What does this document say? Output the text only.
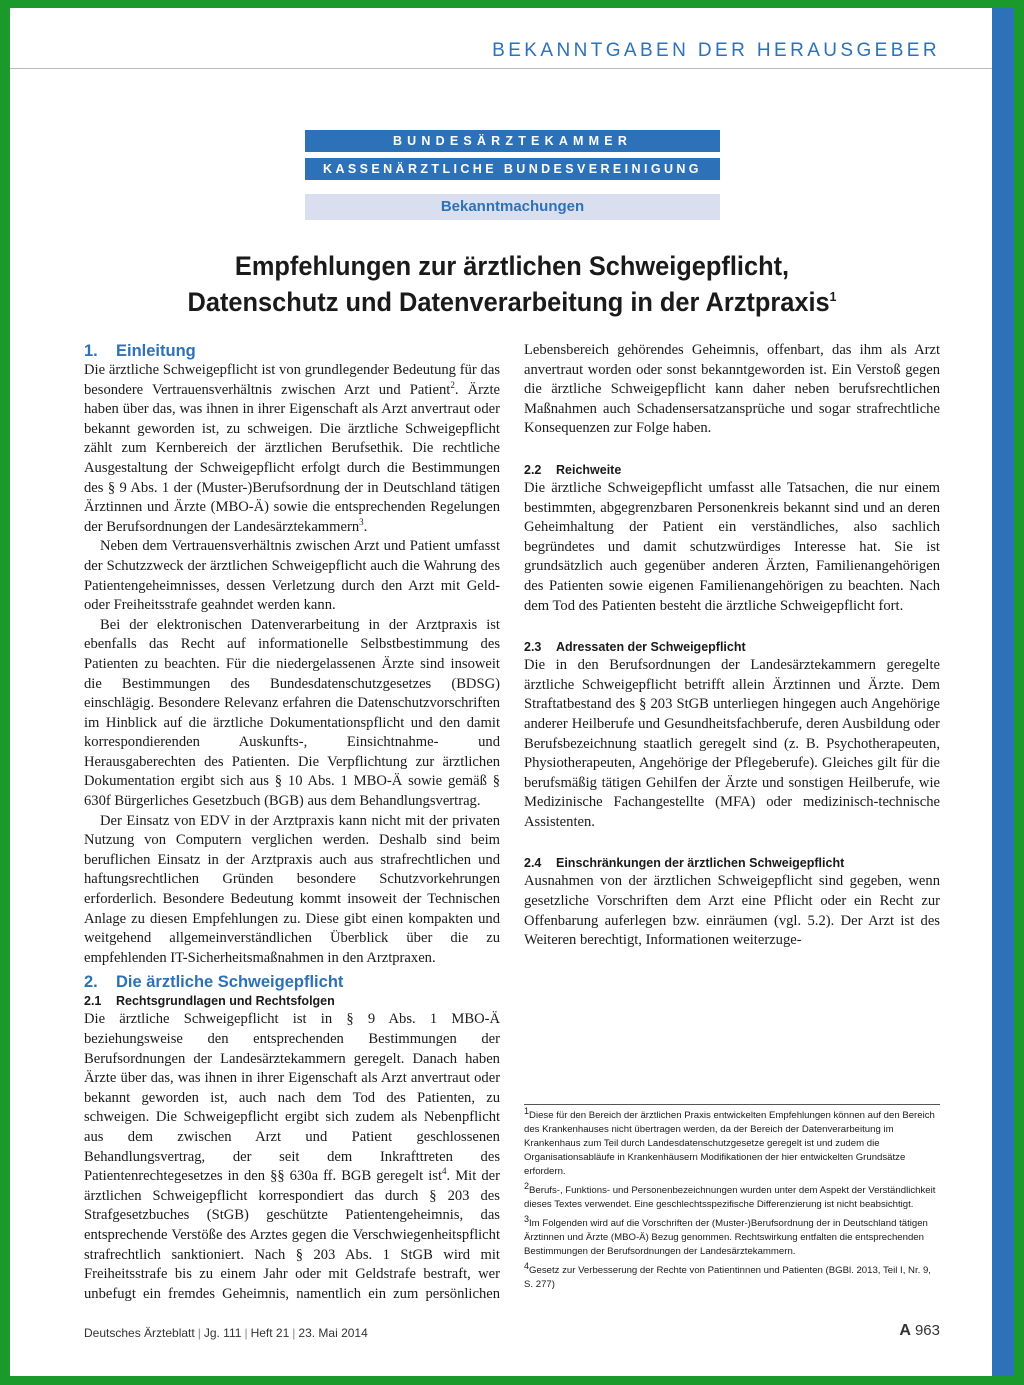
BEKANNTGABEN DER HERAUSGEBER
BUNDESÄRZTEKAMMER
KASSENÄRZTLICHE BUNDESVEREINIGUNG
Bekanntmachungen
Empfehlungen zur ärztlichen Schweigepflicht,
Datenschutz und Datenverarbeitung in der Arztpraxis$^1$
1. Einleitung

Die ärztliche Schweigepflicht ist von grundlegender Bedeutung für das besondere Vertrauensverhältnis zwischen Arzt und Patient$^2$. Ärzte haben über das, was ihnen in ihrer Eigenschaft als Arzt anvertraut oder bekannt geworden ist, zu schweigen. Die ärztliche Schweigepflicht zählt zum Kernbereich der ärztlichen Berufsethik. Die rechtliche Ausgestaltung der Schweigepflicht erfolgt durch die Bestimmungen des § 9 Abs. 1 der (Muster-)Berufsordnung der in Deutschland tätigen Ärztinnen und Ärzte (MBO-Ä) sowie die entsprechenden Regelungen der Berufsordnungen der Landesärztekammern$^3$.

Neben dem Vertrauensverhältnis zwischen Arzt und Patient umfasst der Schutzzweck der ärztlichen Schweigepflicht auch die Wahrung des Patientengeheimnisses, dessen Verletzung durch den Arzt mit Geld- oder Freiheitsstrafe geahndet werden kann.

Bei der elektronischen Datenverarbeitung in der Arztpraxis ist ebenfalls das Recht auf informationelle Selbstbestimmung des Patienten zu beachten. Für die niedergelassenen Ärzte sind insoweit die Bestimmungen des Bundesdatenschutzgesetzes (BDSG) einschlägig. Besondere Relevanz erfahren die Datenschutzvorschriften im Hinblick auf die ärztliche Dokumentationspflicht und den damit korrespondierenden Auskunfts-, Einsichtnahme- und Herausgaberechten des Patienten. Die Verpflichtung zur ärztlichen Dokumentation ergibt sich aus § 10 Abs. 1 MBO-Ä sowie gemäß § 630f Bürgerliches Gesetzbuch (BGB) aus dem Behandlungsvertrag.

Der Einsatz von EDV in der Arztpraxis kann nicht mit der privaten Nutzung von Computern verglichen werden. Deshalb sind beim beruflichen Einsatz in der Arztpraxis auch aus strafrechtlichen und haftungsrechtlichen Gründen besondere Schutzvorkehrungen erforderlich. Besondere Bedeutung kommt insoweit der Technischen Anlage zu diesen Empfehlungen zu. Diese gibt einen kompakten und weitgehend allgemeinverständlichen Überblick über die zu empfehlenden IT-Sicherheitsmaßnahmen in den Arztpraxen.

2. Die ärztliche Schweigepflicht
2.1 Rechtsgrundlagen und Rechtsfolgen

Die ärztliche Schweigepflicht ist in § 9 Abs. 1 MBO-Ä beziehungsweise den entsprechenden Bestimmungen der Berufsordnungen der Landesärztekammern geregelt. Danach haben Ärzte über das, was ihnen in ihrer Eigenschaft als Arzt anvertraut oder bekannt geworden ist, auch nach dem Tod des Patienten, zu schweigen. Die Schweigepflicht ergibt sich zudem als Nebenpflicht aus dem zwischen Arzt und Patient geschlossenen Behandlungsvertrag, der seit dem Inkrafttreten des Patientenrechtegesetzes in den §§ 630a ff. BGB geregelt ist$^4$. Mit der ärztlichen Schweigepflicht korrespondiert das durch § 203 des Strafgesetzbuches (StGB) geschützte Patientengeheimnis, das entsprechende Verstöße des Arztes gegen die Verschwiegenheitspflicht strafrechtlich sanktioniert. Nach § 203 Abs. 1 StGB wird mit Freiheitsstrafe bis zu einem Jahr oder mit Geldstrafe bestraft, wer unbefugt ein fremdes Geheimnis, namentlich ein zum persönlichen

Lebensbereich gehörendes Geheimnis, offenbart, das ihm als Arzt anvertraut worden oder sonst bekanntgeworden ist. Ein Verstoß gegen die ärztliche Schweigepflicht kann daher neben berufsrechtlichen Maßnahmen auch Schadensersatzansprüche und sogar strafrechtliche Konsequenzen zur Folge haben.

2.2 Reichweite

Die ärztliche Schweigepflicht umfasst alle Tatsachen, die nur einem bestimmten, abgegrenzbaren Personenkreis bekannt sind und an deren Geheimhaltung der Patient ein verständliches, also sachlich begründetes und damit schutzwürdiges Interesse hat. Sie ist grundsätzlich auch gegenüber anderen Ärzten, Familienangehörigen des Patienten sowie eigenen Familienangehörigen zu beachten. Nach dem Tod des Patienten besteht die ärztliche Schweigepflicht fort.

2.3 Adressaten der Schweigepflicht

Die in den Berufsordnungen der Landesärztekammern geregelte ärztliche Schweigepflicht betrifft allein Ärztinnen und Ärzte. Dem Straftatbestand des § 203 StGB unterliegen hingegen auch Angehörige anderer Heilberufe und Gesundheitsfachberufe, deren Ausbildung oder Berufsbezeichnung staatlich geregelt sind (z. B. Psychotherapeuten, Physiotherapeuten, Angehörige der Pflegeberufe). Gleiches gilt für die berufsmäßig tätigen Gehilfen der Ärzte und sonstigen Heilberufe, wie Medizinische Fachangestellte (MFA) oder medizinisch-technische Assistenten.

2.4 Einschränkungen der ärztlichen Schweigepflicht

Ausnahmen von der ärztlichen Schweigepflicht sind gegeben, wenn gesetzliche Vorschriften dem Arzt eine Pflicht oder ein Recht zur Offenbarung auferlegen bzw. einräumen (vgl. 5.2). Der Arzt ist des Weiteren berechtigt, Informationen weiterzuge-

$^1$Diese für den Bereich der ärztlichen Praxis entwickelten Empfehlungen können auf den Bereich des Krankenhauses nicht übertragen werden, da der Bereich der Datenverarbeitung im Krankenhaus zum Teil durch Landesdatenschutzgesetze geregelt ist und zudem die Organisationsabläufe in Krankenhäusern Modifikationen der hier entwickelten Grundsätze erfordern.

$^2$Berufs-, Funktions- und Personenbezeichnungen wurden unter dem Aspekt der Verständlichkeit dieses Textes verwendet. Eine geschlechtsspezifische Differenzierung ist nicht beabsichtigt.

$^3$Im Folgenden wird auf die Vorschriften der (Muster-)Berufsordnung der in Deutschland tätigen Ärztinnen und Ärzte (MBO-Ä) Bezug genommen. Rechtswirkung entfalten die entsprechenden Bestimmungen der Berufsordnungen der Landesärztekammern.

$^4$Gesetz zur Verbesserung der Rechte von Patientinnen und Patienten (BGBl. 2013, Teil I, Nr. 9, S. 277)

Deutsches Ärzteblatt | Jg. 111 | Heft 21 | 23. Mai 2014	A 963
